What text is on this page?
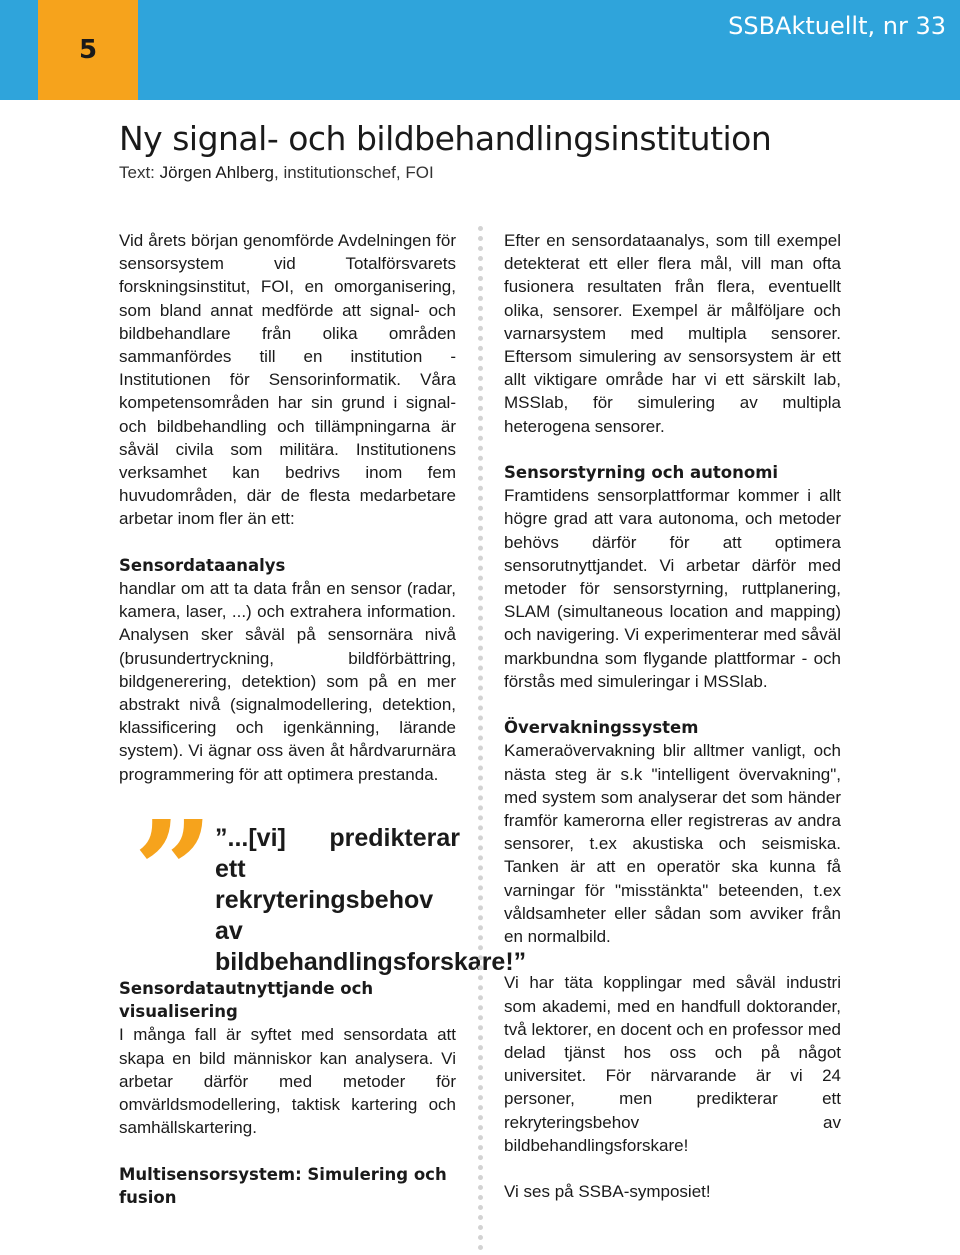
5
SSBAktuellt, nr 33
Ny signal- och bildbehandlingsinstitution
Text: Jörgen Ahlberg, institutionschef, FOI

Vid årets början genomförde Avdelningen för sensorsystem vid Totalförsvarets forskningsinstitut, FOI, en omorganisering, som bland annat medförde att signal- och bildbehandlare från olika områden sammanfördes till en institution - Institutionen för Sensorinformatik. Våra kompetensområden har sin grund i signal- och bildbehandling och tillämpningarna är såväl civila som militära. Institutionens verksamhet kan bedrivs inom fem huvudområden, där de flesta medarbetare arbetar inom fler än ett:

Sensordataanalys

handlar om att ta data från en sensor (radar, kamera, laser, ...) och extrahera information. Analysen sker såväl på sensornära nivå (brusundertryckning, bildförbättring, bildgenerering, detektion) som på en mer abstrakt nivå (signalmodellering, detektion, klassificering och igenkänning, lärande system). Vi ägnar oss även åt hårdvarurnära programmering för att optimera prestanda.

” ”...[vi] predikterar ett rekryteringsbehov av bildbehandlingsforskare!”
Sensordatautnyttjande och visualisering

I många fall är syftet med sensordata att skapa en bild människor kan analysera. Vi arbetar därför med metoder för omvärldsmodellering, taktisk kartering och samhällskartering.

Multisensorsystem: Simulering och fusion

Efter en sensordataanalys, som till exempel detekterat ett eller flera mål, vill man ofta fusionera resultaten från flera, eventuellt olika, sensorer. Exempel är målföljare och varnarsystem med multipla sensorer. Eftersom simulering av sensorsystem är ett allt viktigare område har vi ett särskilt lab, MSSlab, för simulering av multipla heterogena sensorer.

Sensorstyrning och autonomi

Framtidens sensorplattformar kommer i allt högre grad att vara autonoma, och metoder behövs därför för att optimera sensorutnyttjandet. Vi arbetar därför med metoder för sensorstyrning, ruttplanering, SLAM (simultaneous location and mapping) och navigering. Vi experimenterar med såväl markbundna som flygande plattformar - och förstås med simuleringar i MSSlab.

Övervakningssystem

Kameraövervakning blir alltmer vanligt, och nästa steg är s.k "intelligent övervakning", med system som analyserar det som händer framför kamerorna eller registreras av andra sensorer, t.ex akustiska och seismiska. Tanken är att en operatör ska kunna få varningar för "misstänkta" beteenden, t.ex våldsamheter eller sådan som avviker från en normalbild.

Vi har täta kopplingar med såväl industri som akademi, med en handfull doktorander, två lektorer, en docent och en professor med delad tjänst hos oss och på något universitet. För närvarande är vi 24 personer, men predikterar ett rekryteringsbehov av bildbehandlingsforskare!

Vi ses på SSBA-symposiet!
